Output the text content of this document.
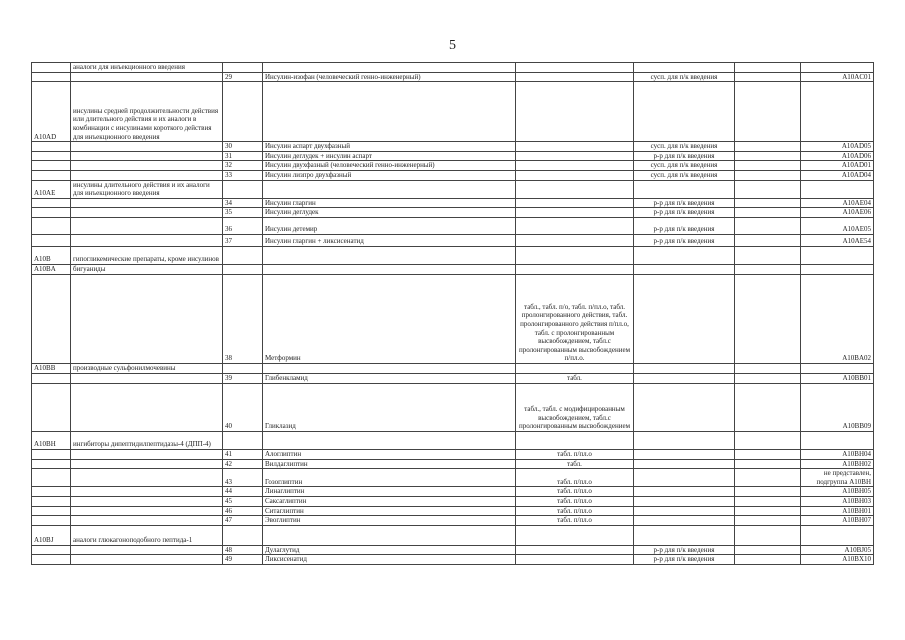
5
	аналоги для инъекционного введения						
		29	Инсулин-изофан (человеческий генно-инженерный)		сусп. для п/к введения		A10AC01
A10AD	инсулины средней продолжительности действия или длительного действия и их аналоги в комбинации с инсулинами короткого действия для инъекционного введения						
		30	Инсулин аспарт двухфазный		сусп. для п/к введения		A10AD05
		31	Инсулин деглудек + инсулин аспарт		р-р для п/к введения		A10AD06
		32	Инсулин двухфазный (человеческий генно-инженерный)		сусп. для п/к введения		A10AD01
		33	Инсулин лизпро двухфазный		сусп. для п/к введения		A10AD04
A10AE	инсулины длительного действия и их аналоги для инъекционного введения						
		34	Инсулин гларгин		р-р для п/к введения		A10AE04
		35	Инсулин деглудек		р-р для п/к введения		A10AE06
		36	Инсулин детемир		р-р для п/к введения		A10AE05
		37	Инсулин гларгин + ликсисенатид		р-р для п/к введения		A10AE54
A10B	гипогликемические препараты, кроме инсулинов						
A10BA	бигуаниды						
		38	Метформин	табл., табл. п/о, табл. п/пл.о, табл. пролонгированного действия, табл. пролонгированного действия п/пл.о, табл. с пролонгированным высвобождением, табл.с пролонгированным высвобождением п/пл.о.			A10BA02
A10BB	производные сульфонилмочевины						
		39	Глибенкламид	табл.			A10BB01
		40	Гликлазид	табл., табл. с модифицированным высвобождением, табл.с пролонгированным высвобождением			A10BB09
A10BH	ингибиторы дипептидилпептидазы-4 (ДПП-4)						
		41	Алоглиптин	табл. п/пл.о			A10BH04
		42	Вилдаглиптин	табл.			A10BH02
		43	Гозоглиптин	табл. п/пл.о			не представлен, подгруппа A10BH
		44	Линаглиптин	табл. п/пл.о			A10BH05
		45	Саксаглиптин	табл. п/пл.о			A10BH03
		46	Ситаглиптин	табл. п/пл.о			A10BH01
		47	Эвоглиптин	табл. п/пл.о			A10BH07
A10BJ	аналоги глюкагоноподобного пептида-1						
		48	Дулаглутид		р-р для п/к введения		A10BJ05
		49	Ликсисенатид		р-р для п/к введения		A10BX10
